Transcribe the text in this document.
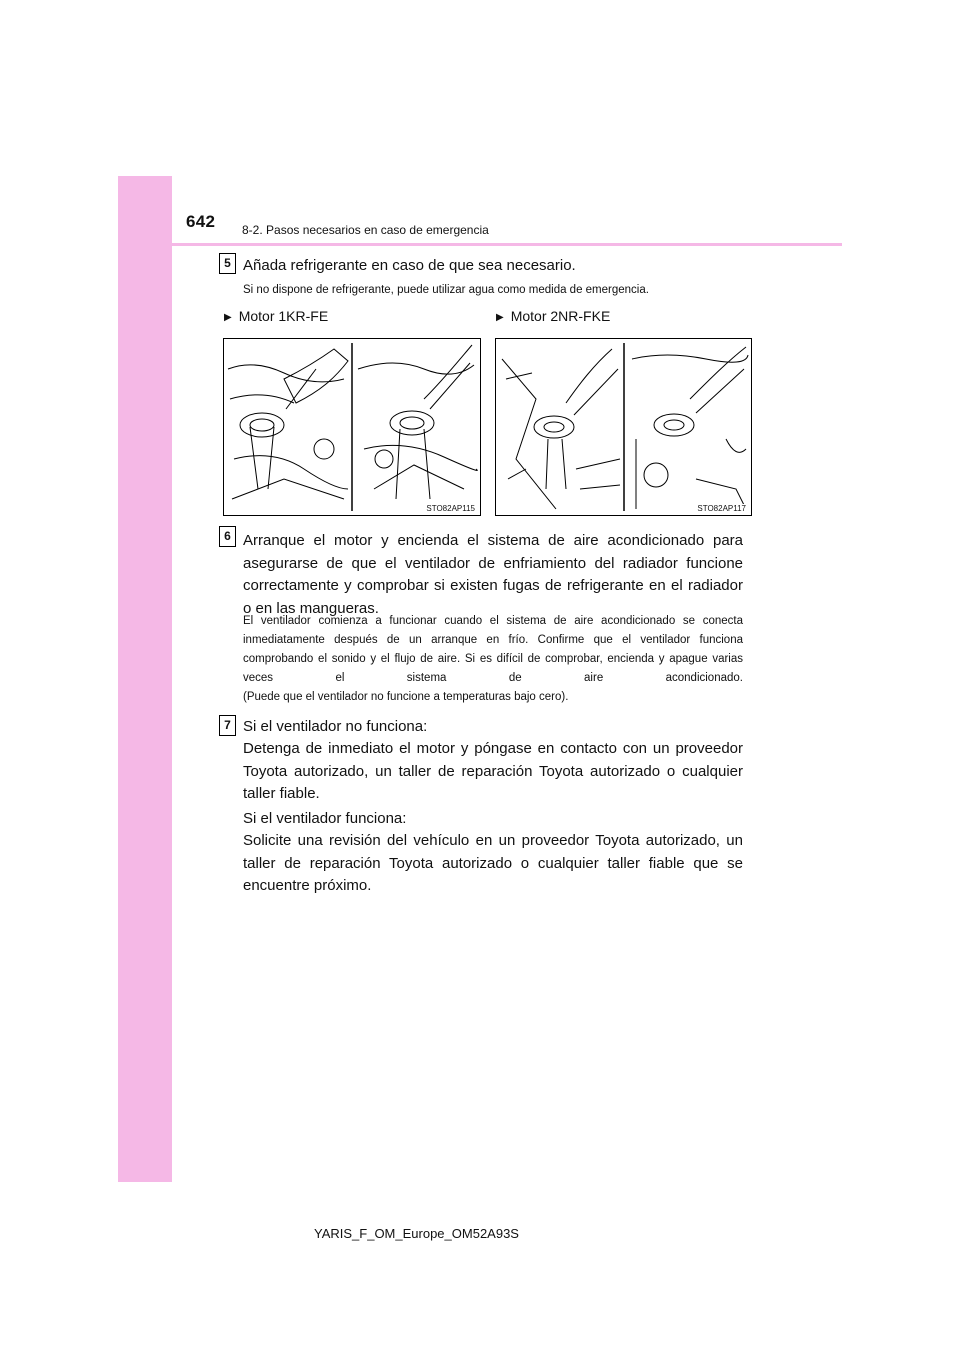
642 8-2. Pasos necesarios en caso de emergencia
5 Añada refrigerante en caso de que sea necesario.
Si no dispone de refrigerante, puede utilizar agua como medida de emergencia.
▶ Motor 1KR-FE	▶ Motor 2NR-FKE
STO82AP115	STO82AP117
6 Arranque el motor y encienda el sistema de aire acondicionado para asegurarse de que el ventilador de enfriamiento del radiador funcione correctamente y comprobar si existen fugas de refrigerante en el radiador o en las mangueras.
El ventilador comienza a funcionar cuando el sistema de aire acondicionado se conecta inmediatamente después de un arranque en frío. Confirme que el ventilador funciona comprobando el sonido y el flujo de aire. Si es difícil de comprobar, encienda y apague varias veces el sistema de aire acondicionado.
(Puede que el ventilador no funcione a temperaturas bajo cero).
7 Si el ventilador no funciona:
Detenga de inmediato el motor y póngase en contacto con un proveedor Toyota autorizado, un taller de reparación Toyota autorizado o cualquier taller fiable.
Si el ventilador funciona:
Solicite una revisión del vehículo en un proveedor Toyota autorizado, un taller de reparación Toyota autorizado o cualquier taller fiable que se encuentre próximo.
YARIS_F_OM_Europe_OM52A93S
